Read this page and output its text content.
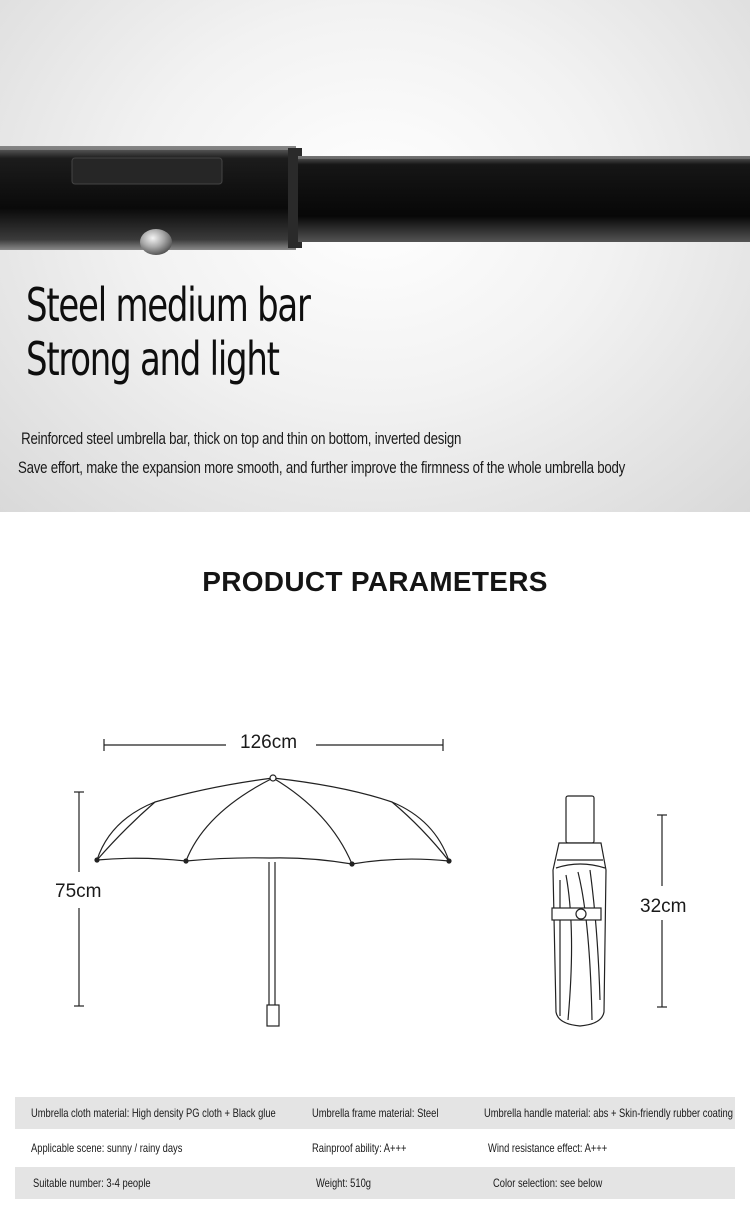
Steel medium bar
Strong and light

Reinforced steel umbrella bar, thick on top and thin on bottom, inverted design
Save effort, make the expansion more smooth, and further improve the firmness of the whole umbrella body

PRODUCT PARAMETERS
126cm
75cm
32cm
Umbrella cloth material: High density PG cloth + Black glue	Umbrella frame material: Steel	Umbrella handle material: abs + Skin-friendly rubber coating
Applicable scene: sunny / rainy days	Rainproof ability: A+++	Wind resistance effect: A+++
Suitable number: 3-4 people	Weight: 510g	Color selection: see below
